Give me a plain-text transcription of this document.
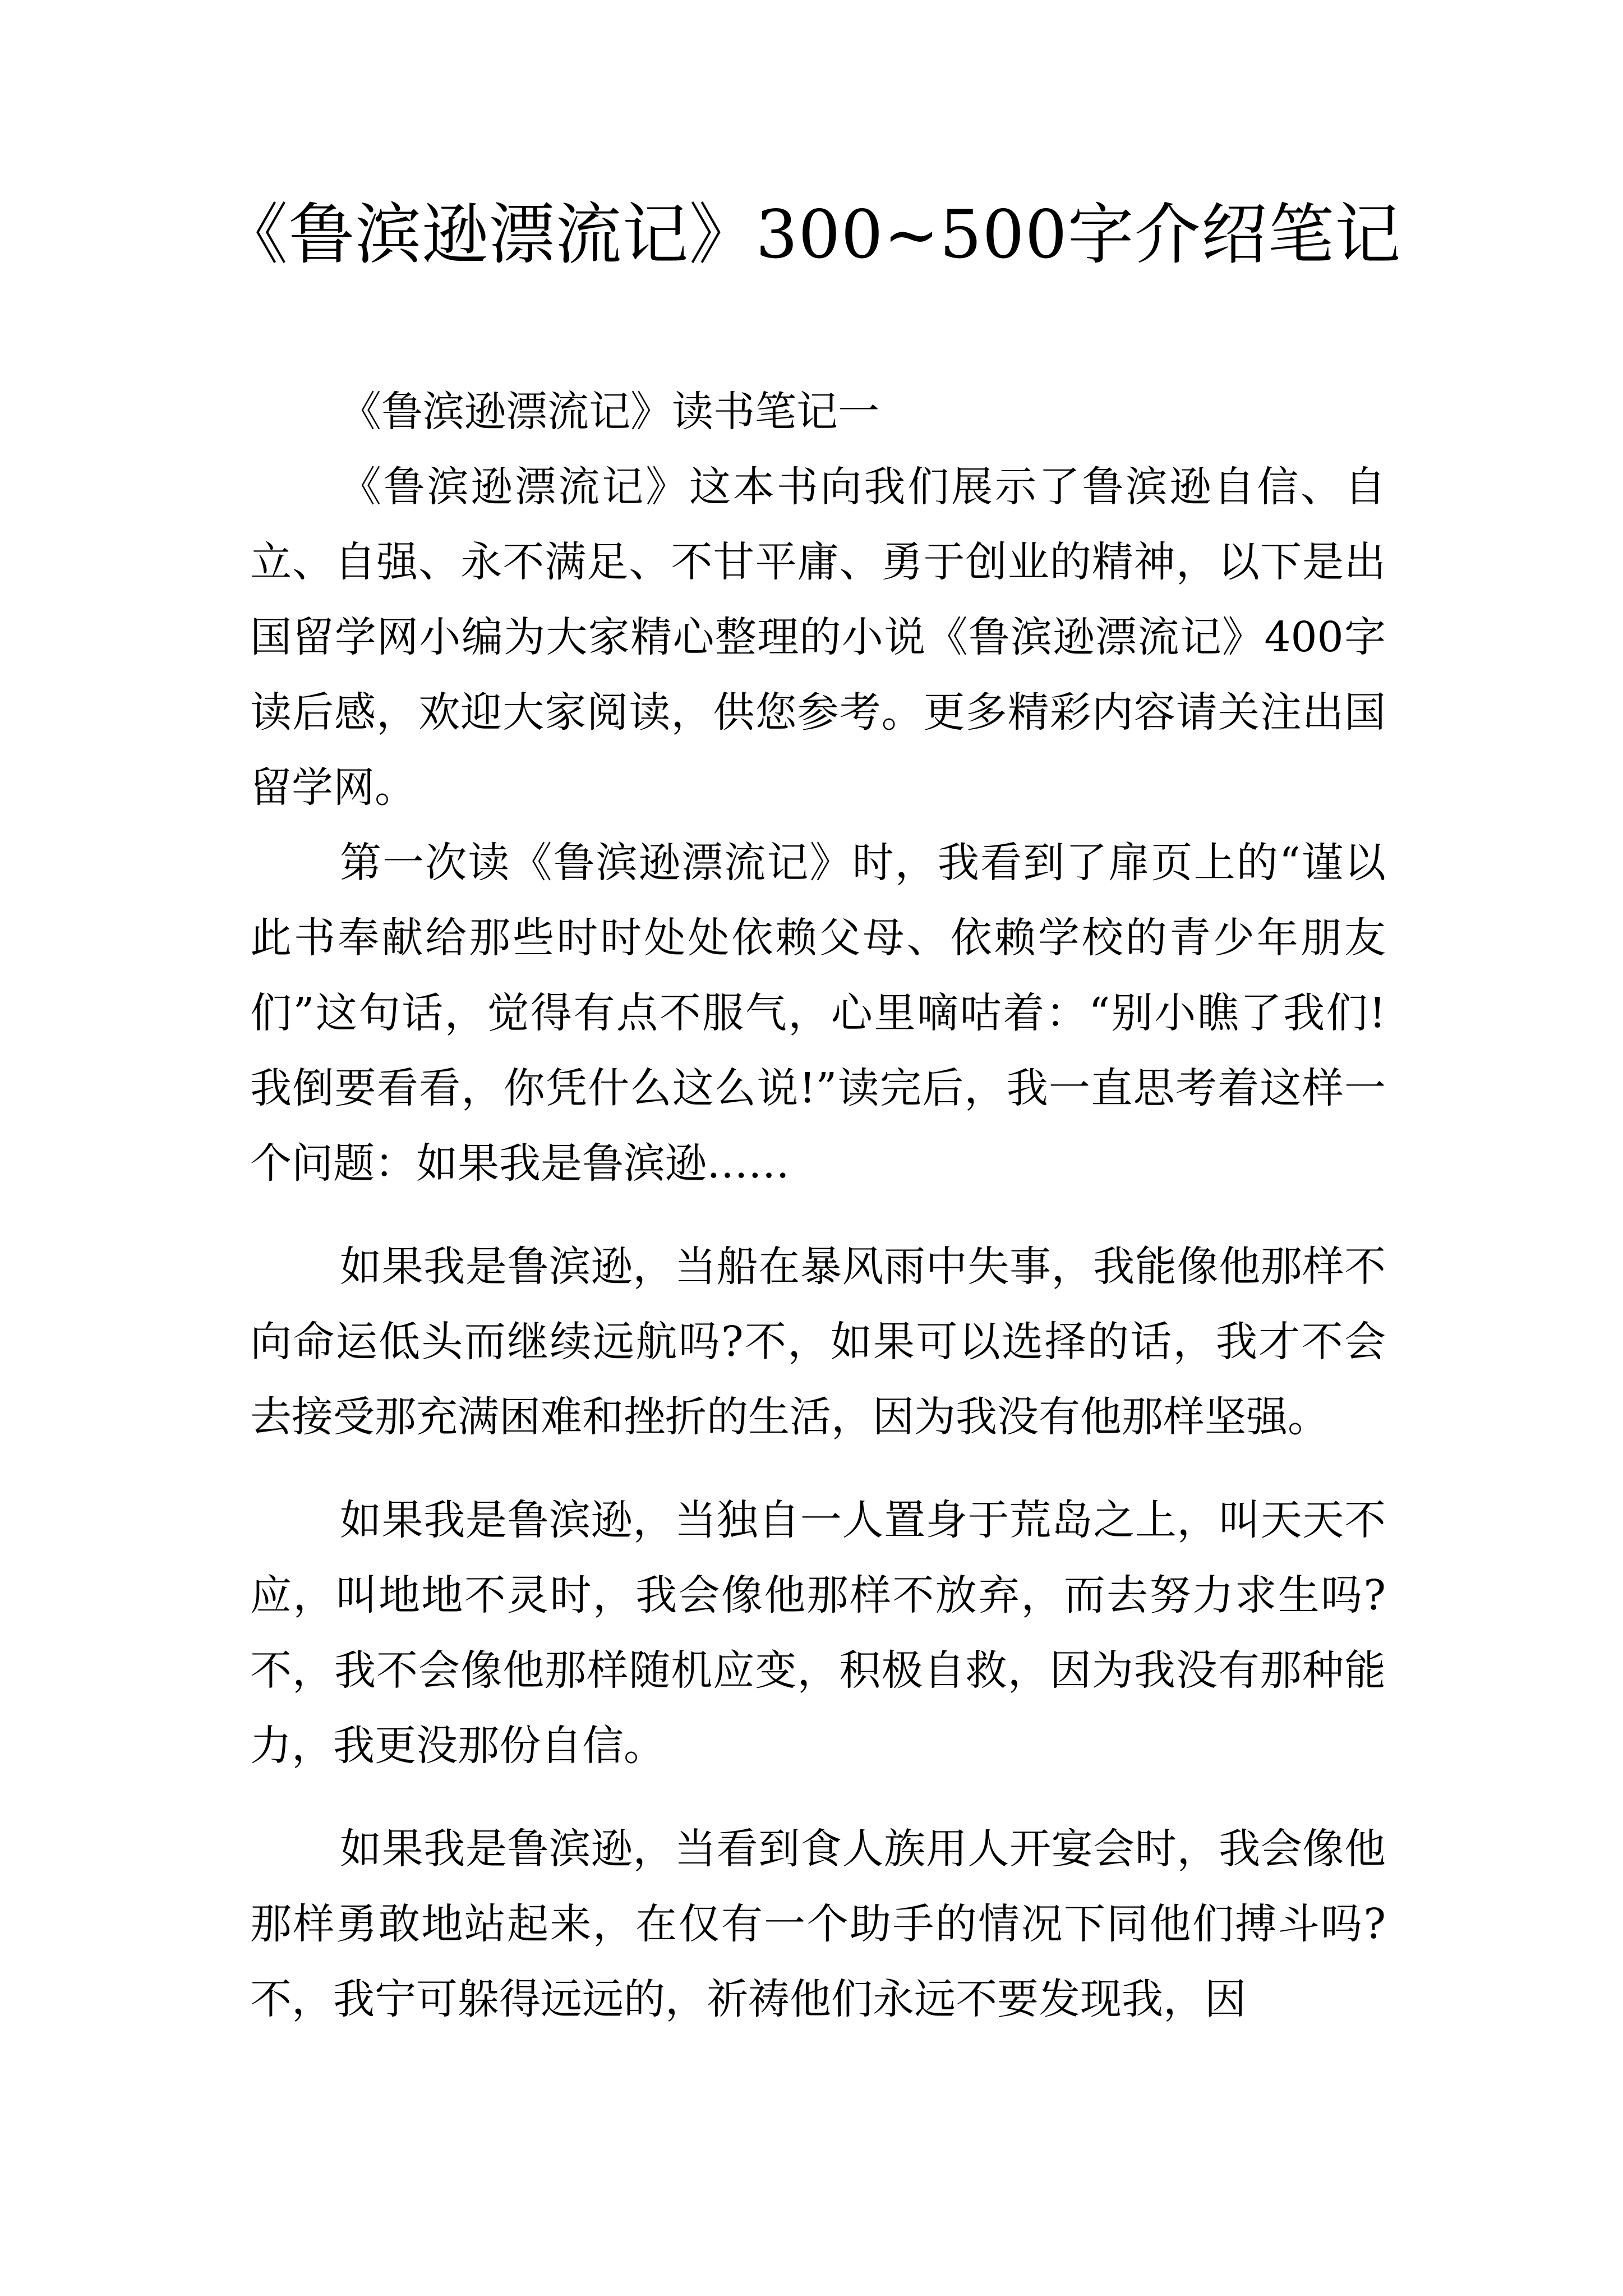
《鲁滨逊漂流记》300~500字介绍笔记

《鲁滨逊漂流记》读书笔记一

《鲁滨逊漂流记》这本书向我们展示了鲁滨逊自信、自立、自强、永不满足、不甘平庸、勇于创业的精神，以下是出国留学网小编为大家精心整理的小说《鲁滨逊漂流记》400字读后感，欢迎大家阅读，供您参考。更多精彩内容请关注出国留学网。

第一次读《鲁滨逊漂流记》时，我看到了扉页上的“谨以此书奉献给那些时时处处依赖父母、依赖学校的青少年朋友们”这句话，觉得有点不服气，心里嘀咕着：“别小瞧了我们!我倒要看看，你凭什么这么说!”读完后，我一直思考着这样一个问题：如果我是鲁滨逊……

如果我是鲁滨逊，当船在暴风雨中失事，我能像他那样不向命运低头而继续远航吗?不，如果可以选择的话，我才不会去接受那充满困难和挫折的生活，因为我没有他那样坚强。

如果我是鲁滨逊，当独自一人置身于荒岛之上，叫天天不应，叫地地不灵时，我会像他那样不放弃，而去努力求生吗?不，我不会像他那样随机应变，积极自救，因为我没有那种能力，我更没那份自信。

如果我是鲁滨逊，当看到食人族用人开宴会时，我会像他那样勇敢地站起来，在仅有一个助手的情况下同他们搏斗吗?不，我宁可躲得远远的，祈祷他们永远不要发现我，因
